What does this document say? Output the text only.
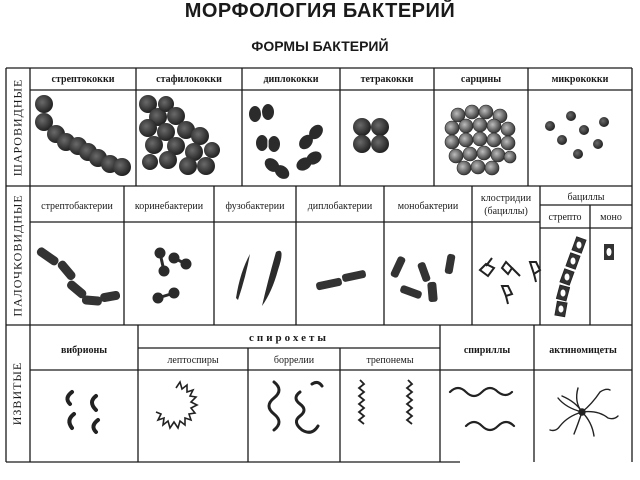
МОРФОЛОГИЯ БАКТЕРИЙ
ФОРМЫ БАКТЕРИЙ
ШАРОВИДНЫЕ
ПАЛОЧКОВИДНЫЕ
ИЗВИТЫЕ
стрептококки	стафилококки	диплококки	тетракокки	сарцины	микрококки
стрептобактерии	коринебактерии	фузобактерии	диплобактерии	монобактерии
клостридии
(бациллы)
бациллы
стрепто	моно
вибрионы
спирохеты
лептоспиры	боррелии	трепонемы
спириллы	актиномицеты
